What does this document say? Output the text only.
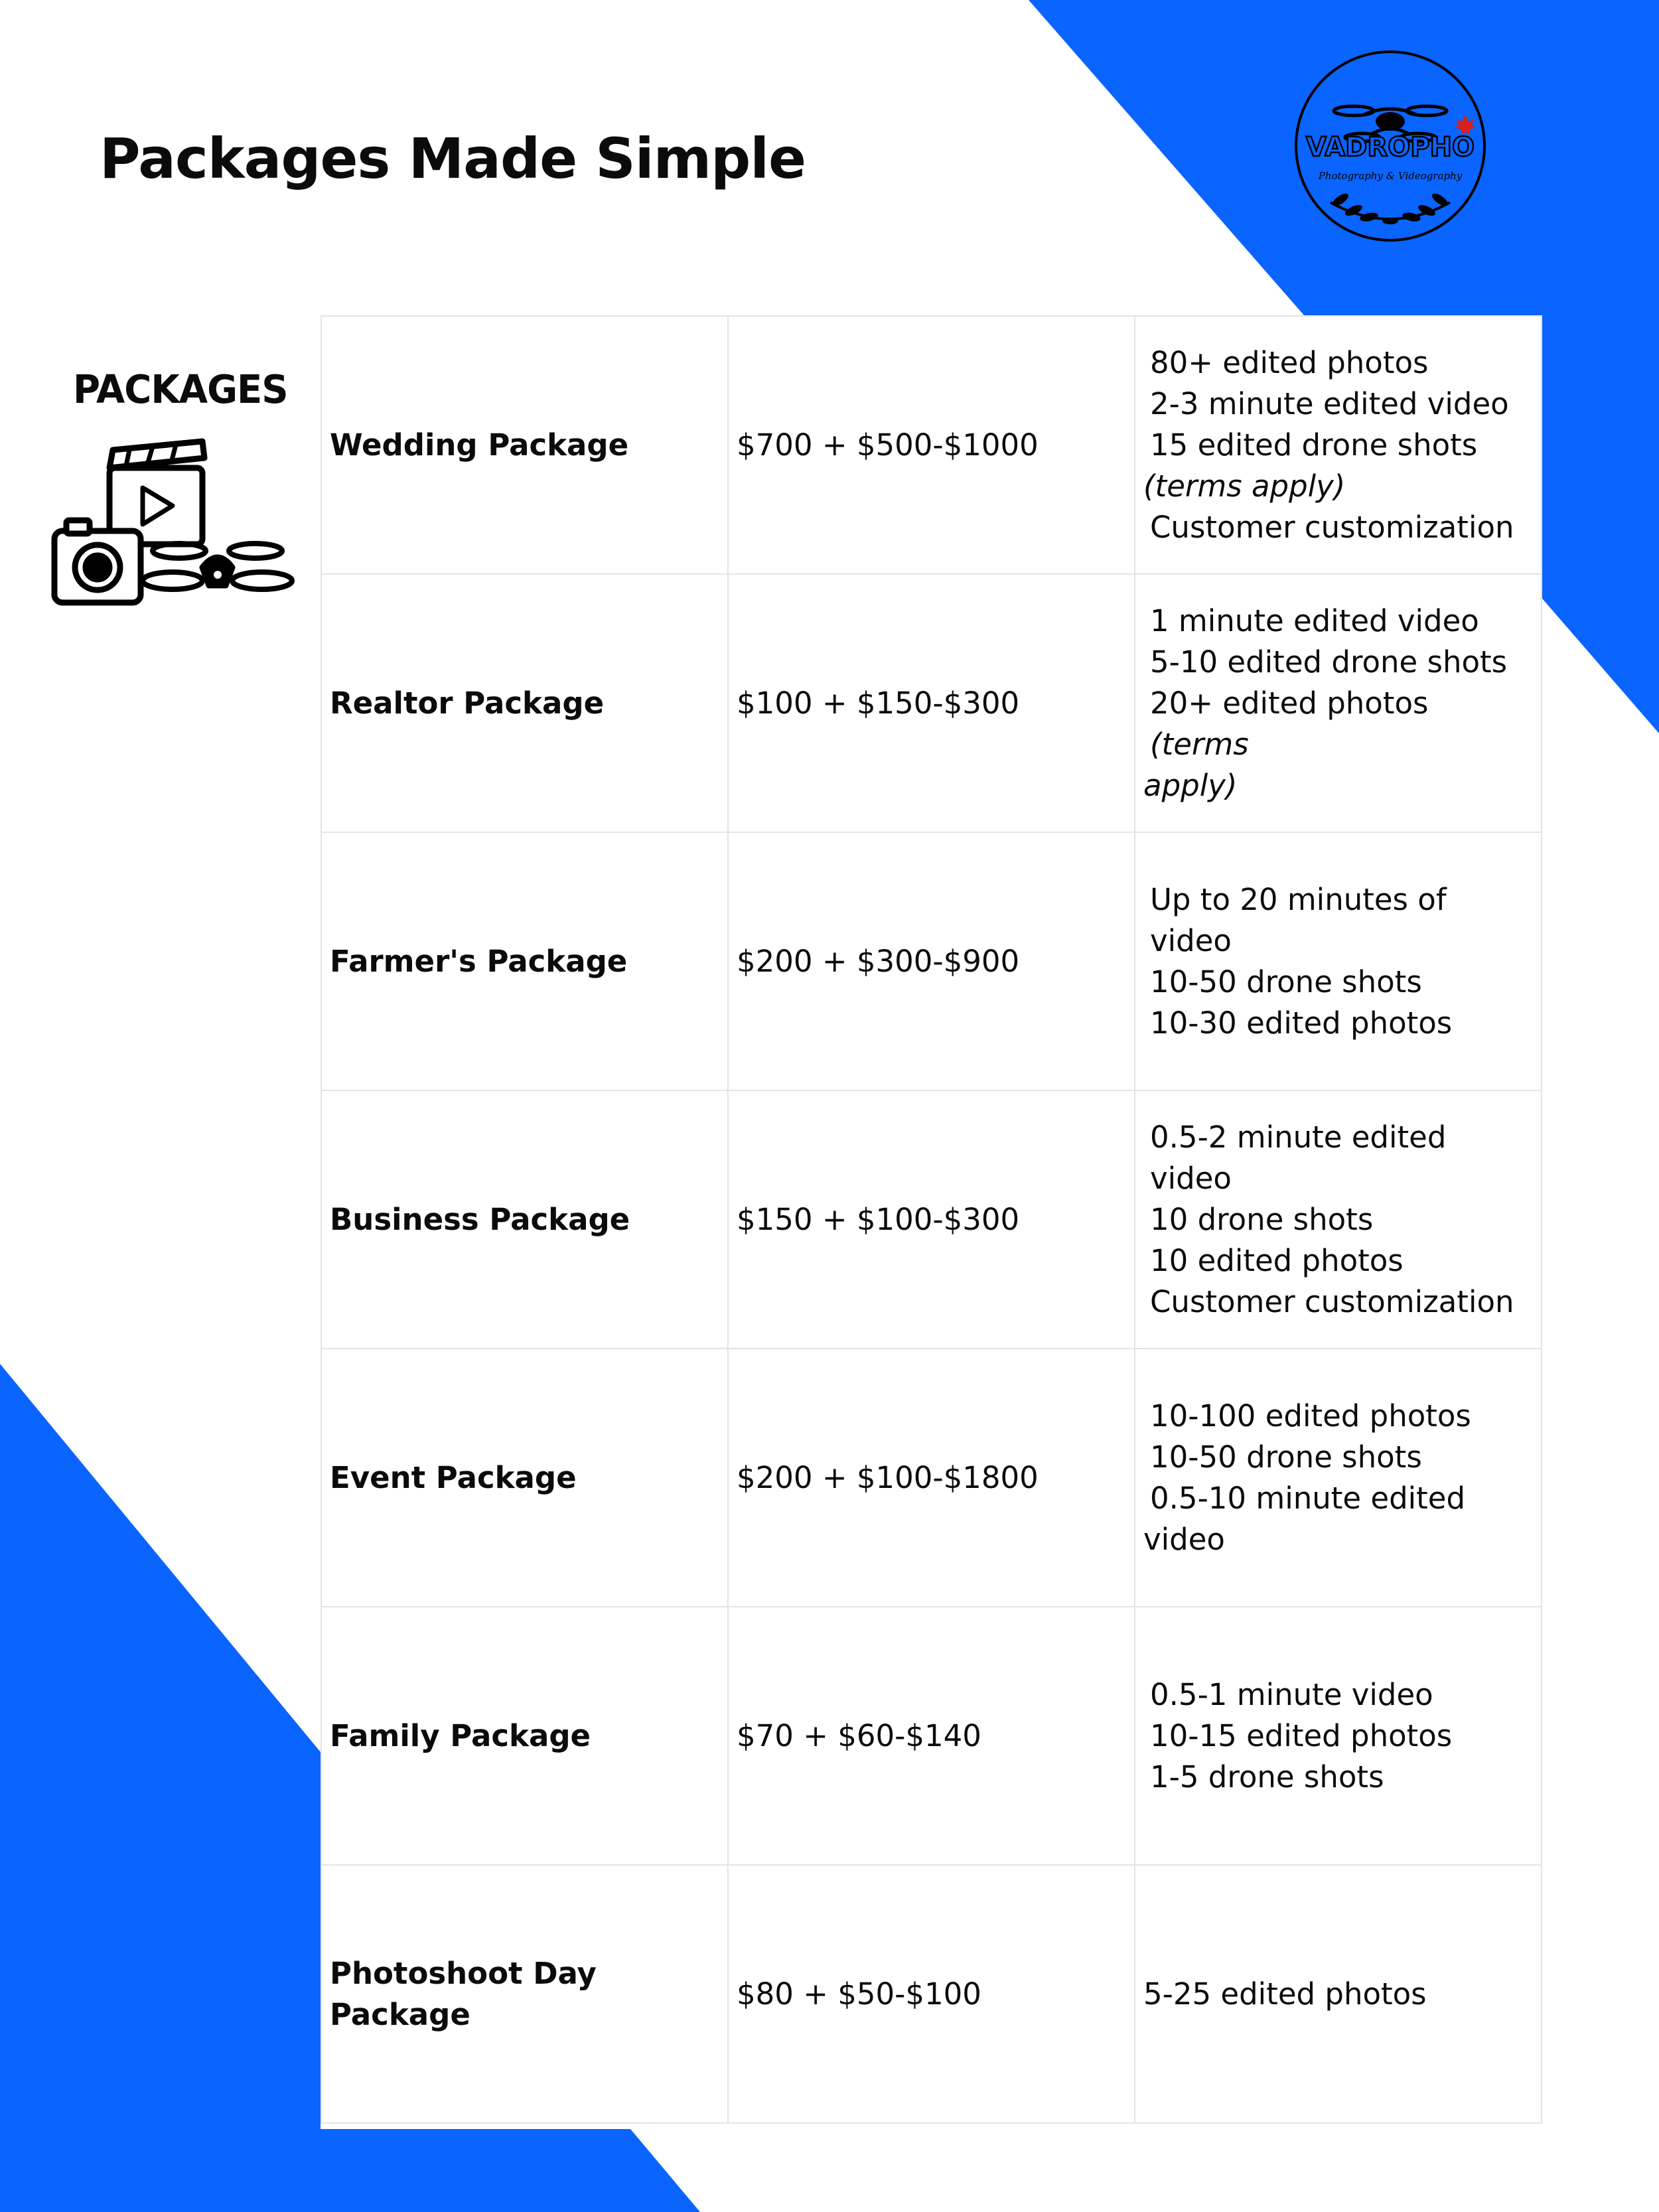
Packages Made Simple	VADROPHO
Photography & Videography
PACKAGES
Wedding Package	$700 + $500-$1000	80+ edited photos
2-3 minute edited video
15 edited drone shots
(terms apply)
Customer customization

Realtor Package	$100 + $150-$300	1 minute edited video
5-10 edited drone shots
20+ edited photos (terms
apply)

Farmer's Package	$200 + $300-$900	Up to 20 minutes of video
10-50 drone shots
10-30 edited photos

Business Package	$150 + $100-$300	0.5-2 minute edited video
10 drone shots
10 edited photos
Customer customization

Event Package	$200 + $100-$1800	10-100 edited photos
10-50 drone shots
0.5-10 minute edited
video

Family Package	$70 + $60-$140	0.5-1 minute video
10-15 edited photos
1-5 drone shots

Photoshoot Day Package	$80 + $50-$100	5-25 edited photos
